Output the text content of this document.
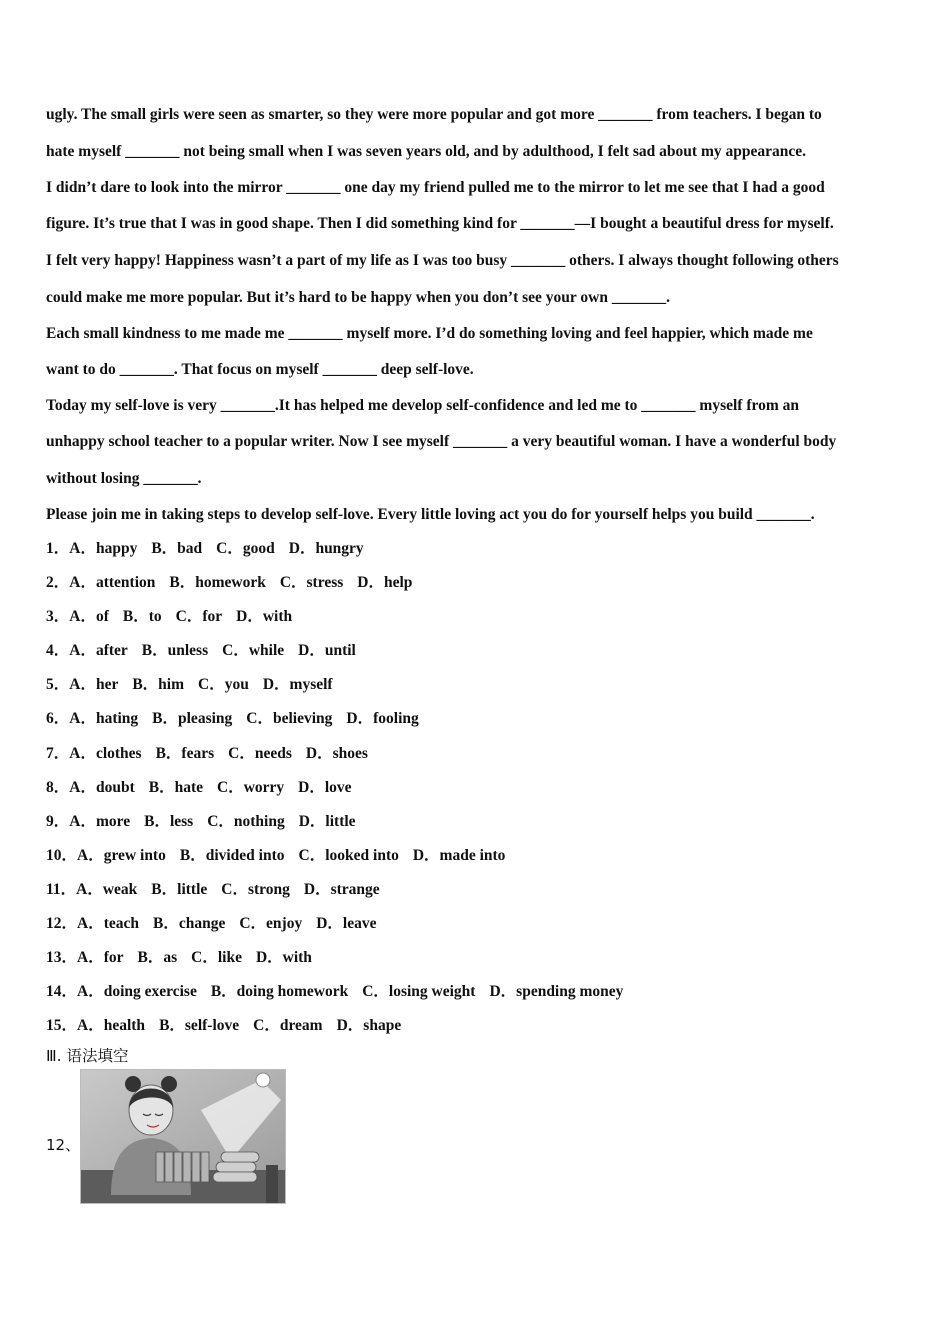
ugly. The small girls were seen as smarter, so they were more popular and got more _______ from teachers. I began to
hate myself _______ not being small when I was seven years old, and by adulthood, I felt sad about my appearance.
I didn’t dare to look into the mirror _______ one day my friend pulled me to the mirror to let me see that I had a good
figure. It’s true that I was in good shape. Then I did something kind for _______—I bought a beautiful dress for myself.
I felt very happy! Happiness wasn’t a part of my life as I was too busy _______ others. I always thought following others
could make me more popular. But it’s hard to be happy when you don’t see your own _______.
Each small kindness to me made me _______ myself more. I’d do something loving and feel happier, which made me
want to do _______. That focus on myself _______ deep self-love.
Today my self-love is very _______.It has helped me develop self-confidence and led me to _______ myself from an
unhappy school teacher to a popular writer. Now I see myself _______ a very beautiful woman. I have a wonderful body
without losing _______.
Please join me in taking steps to develop self-love. Every little loving act you do for yourself helps you build _______.
1．A．happy B．bad C．good D．hungry
2．A．attention B．homework C．stress D．help
3．A．of B．to C．for D．with
4．A．after B．unless C．while D．until
5．A．her B．him C．you D．myself
6．A．hating B．pleasing C．believing D．fooling
7．A．clothes B．fears C．needs D．shoes
8．A．doubt B．hate C．worry D．love
9．A．more B．less C．nothing D．little
10．A．grew into B．divided into C．looked into D．made into
11．A．weak B．little C．strong D．strange
12．A．teach B．change C．enjoy D．leave
13．A．for B．as C．like D．with
14．A．doing exercise B．doing homework C．losing weight D．spending money
15．A．health B．self-love C．dream D．shape
Ⅲ. 语法填空
12、
